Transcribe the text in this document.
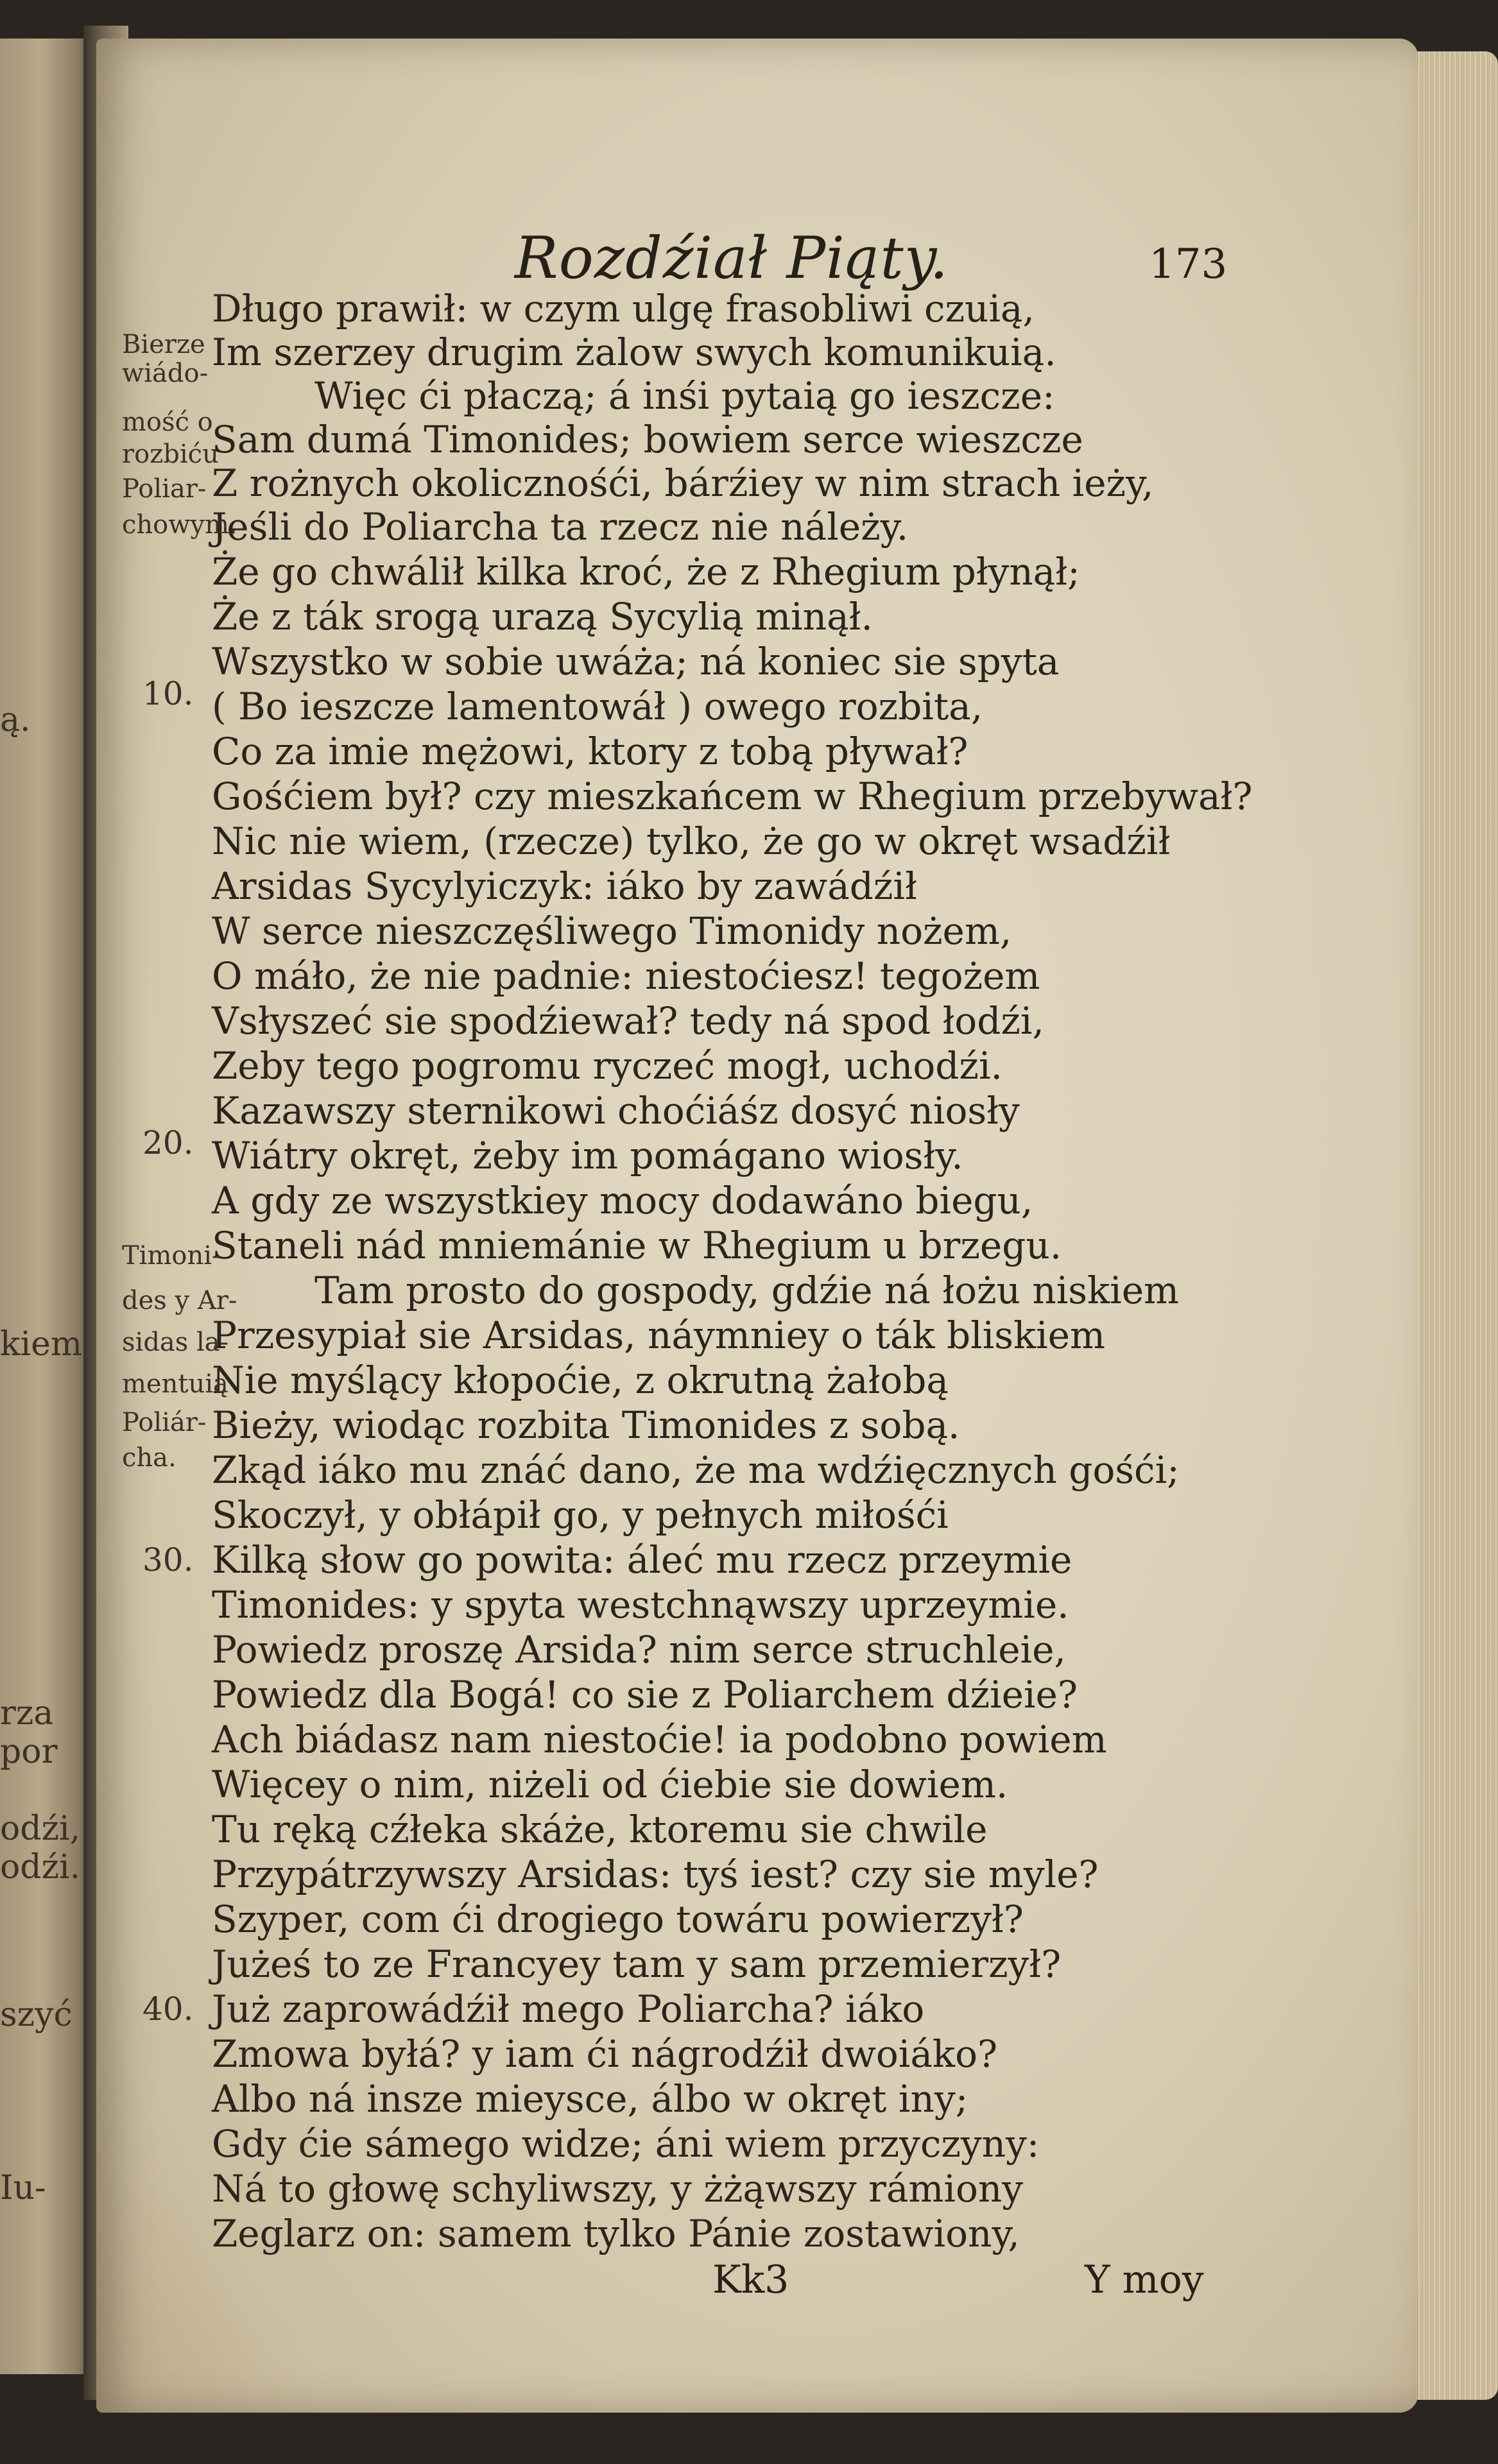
Rozdźiał Piąty.	173

Długo prawił: w czym ulgę frasobliwi czuią,

Im szerzey drugim żalow swych komunikuią.

Więc ći płaczą; á inśi pytaią go ieszcze:

Sam dumá Timonides; bowiem serce wieszcze

Z rożnych okolicznośći, bárźiey w nim strach ieży,

Jeśli do Poliarcha ta rzecz nie náleży.

Że go chwálił kilka kroć, że z Rhegium płynął;

Że z ták srogą urazą Sycylią minął.

Wszystko w sobie uwáża; ná koniec sie spyta

( Bo ieszcze lamentowáł ) owego rozbita,

Co za imie mężowi, ktory z tobą pływał?

Gośćiem był? czy mieszkańcem w Rhegium przebywał?

Nic nie wiem, (rzecze) tylko, że go w okręt wsadźił

Arsidas Sycylyiczyk: iáko by zawádźił

W serce nieszczęśliwego Timonidy nożem,

O máło, że nie padnie: niestoćiesz! tegożem

Vsłyszeć sie spodźiewał? tedy ná spod łodźi,

Zeby tego pogromu ryczeć mogł, uchodźi.

Kazawszy sternikowi choćiáśz dosyć niosły

Wiátry okręt, żeby im pomágano wiosły.

A gdy ze wszystkiey mocy dodawáno biegu,

Staneli nád mniemánie w Rhegium u brzegu.

Tam prosto do gospody, gdźie ná łożu niskiem

Przesypiał sie Arsidas, náymniey o ták bliskiem

Nie myślący kłopoćie, z okrutną żałobą

Bieży, wiodąc rozbita Timonides z sobą.

Zkąd iáko mu znáć dano, że ma wdźięcznych gośći;

Skoczył, y obłápił go, y pełnych miłośći

Kilką słow go powita: áleć mu rzecz przeymie

Timonides: y spyta westchnąwszy uprzeymie.

Powiedz proszę Arsida? nim serce struchleie,

Powiedz dla Bogá! co sie z Poliarchem dźieie?

Ach biádasz nam niestoćie! ia podobno powiem

Więcey o nim, niżeli od ćiebie sie dowiem.

Tu ręką cźłeka skáże, ktoremu sie chwile

Przypátrzywszy Arsidas: tyś iest? czy sie myle?

Szyper, com ći drogiego towáru powierzył?

Jużeś to ze Francyey tam y sam przemierzył?

Już zaprowádźił mego Poliarcha? iáko

Zmowa byłá? y iam ći nágrodźił dwoiáko?

Albo ná insze mieysce, álbo w okręt iny;

Gdy ćie sámego widze; áni wiem przyczyny:

Ná to głowę schyliwszy, y żżąwszy rámiony

Zeglarz on: samem tylko Pánie zostawiony,

10.

20.

30.

40.

Bierze

wiádo-

mość o

rozbiću

Poliar-

chowym.

Timoni-

des y Ar-

sidas la-

mentuią

Poliár-

cha.

ą.

kiem

rza

por

odźi,

odźi.

szyć

Iu-

Kk3	Y moy
